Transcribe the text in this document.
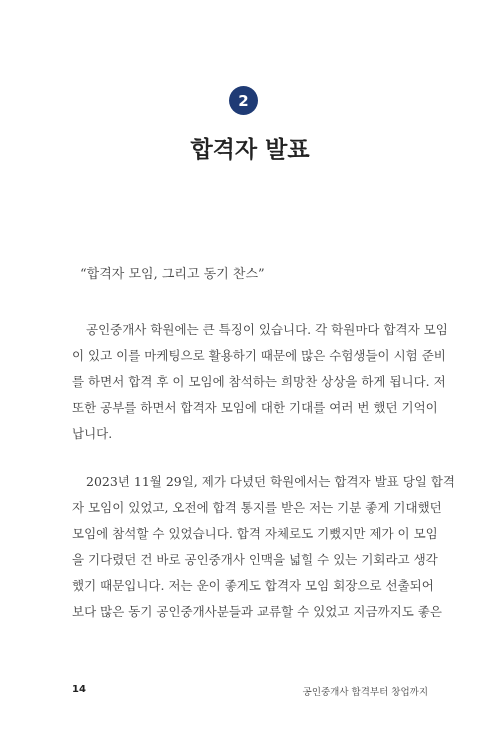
2
합격자 발표
“합격자 모임, 그리고 동기 찬스”
공인중개사 학원에는 큰 특징이 있습니다. 각 학원마다 합격자 모임
이 있고 이를 마케팅으로 활용하기 때문에 많은 수험생들이 시험 준비
를 하면서 합격 후 이 모임에 참석하는 희망찬 상상을 하게 됩니다. 저
또한 공부를 하면서 합격자 모임에 대한 기대를 여러 번 했던 기억이
납니다.
2023년 11월 29일, 제가 다녔던 학원에서는 합격자 발표 당일 합격
자 모임이 있었고, 오전에 합격 통지를 받은 저는 기분 좋게 기대했던
모임에 참석할 수 있었습니다. 합격 자체로도 기뻤지만 제가 이 모임
을 기다렸던 건 바로 공인중개사 인맥을 넓힐 수 있는 기회라고 생각
했기 때문입니다. 저는 운이 좋게도 합격자 모임 회장으로 선출되어
보다 많은 동기 공인중개사분들과 교류할 수 있었고 지금까지도 좋은
14	공인중개사 합격부터 창업까지
